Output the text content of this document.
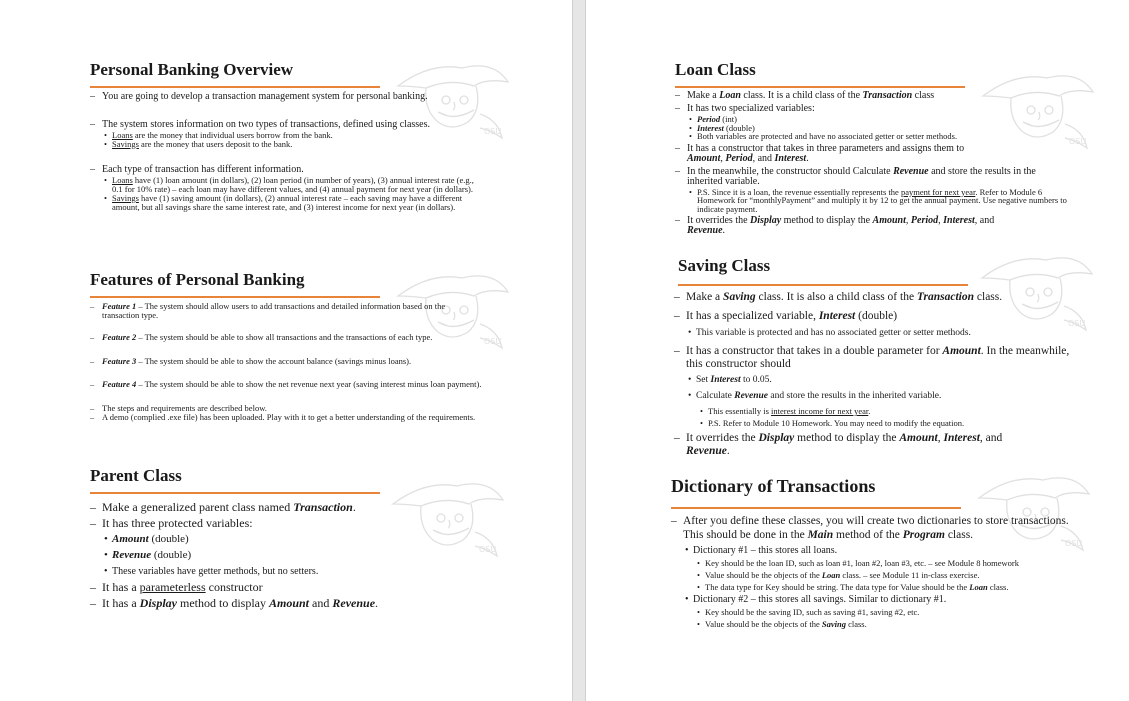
Personal Banking Overview
– You are going to develop a transaction management system for personal banking.
– The system stores information on two types of transactions, defined using classes.
• Loans are the money that individual users borrow from the bank.
• Savings are the money that users deposit to the bank.
– Each type of transaction has different information.
• Loans have (1) loan amount (in dollars), (2) loan period (in number of years), (3) annual interest rate (e.g., 0.1 for 10% rate) – each loan may have different values, and (4) annual payment for next year (in dollars).
• Savings have (1) saving amount (in dollars), (2) annual interest rate – each saving may have a different amount, but all savings share the same interest rate, and (3) interest income for next year (in dollars).
Features of Personal Banking
– Feature 1 – The system should allow users to add transactions and detailed information based on the transaction type.
– Feature 2 – The system should be able to show all transactions and the transactions of each type.
– Feature 3 – The system should be able to show the account balance (savings minus loans).
– Feature 4 – The system should be able to show the net revenue next year (saving interest minus loan payment).
– The steps and requirements are described below.
– A demo (complied .exe file) has been uploaded. Play with it to get a better understanding of the requirements.
Parent Class
– Make a generalized parent class named Transaction.
– It has three protected variables:
• Amount (double)
• Revenue (double)
• These variables have getter methods, but no setters.
– It has a parameterless constructor
– It has a Display method to display Amount and Revenue.
Loan Class
– Make a Loan class. It is a child class of the Transaction class
– It has two specialized variables:
• Period (int)
• Interest (double)
• Both variables are protected and have no associated getter or setter methods.
– It has a constructor that takes in three parameters and assigns them to
Amount, Period, and Interest.
– In the meanwhile, the constructor should Calculate Revenue and store the results in the inherited variable.
• P.S. Since it is a loan, the revenue essentially represents the payment for next year. Refer to Module 6 Homework for “monthlyPayment” and multiply it by 12 to get the annual payment. Use negative numbers to indicate payment.
– It overrides the Display method to display the Amount, Period, Interest, and
Revenue.
Saving Class
– Make a Saving class. It is also a child class of the Transaction class.
– It has a specialized variable, Interest (double)
• This variable is protected and has no associated getter or setter methods.
– It has a constructor that takes in a double parameter for Amount. In the meanwhile, this constructor should
• Set Interest to 0.05.
• Calculate Revenue and store the results in the inherited variable.
• This essentially is interest income for next year.
• P.S. Refer to Module 10 Homework. You may need to modify the equation.
– It overrides the Display method to display the Amount, Interest, and
Revenue.
Dictionary of Transactions
– After you define these classes, you will create two dictionaries to store transactions. This should be done in the Main method of the Program class.
• Dictionary #1 – this stores all loans.
• Key should be the loan ID, such as loan #1, loan #2, loan #3, etc. – see Module 8 homework
• Value should be the objects of the Loan class. – see Module 11 in-class exercise.
• The data type for Key should be string. The data type for Value should be the Loan class.
• Dictionary #2 – this stores all savings. Similar to dictionary #1.
• Key should be the saving ID, such as saving #1, saving #2, etc.
• Value should be the objects of the Saving class.
